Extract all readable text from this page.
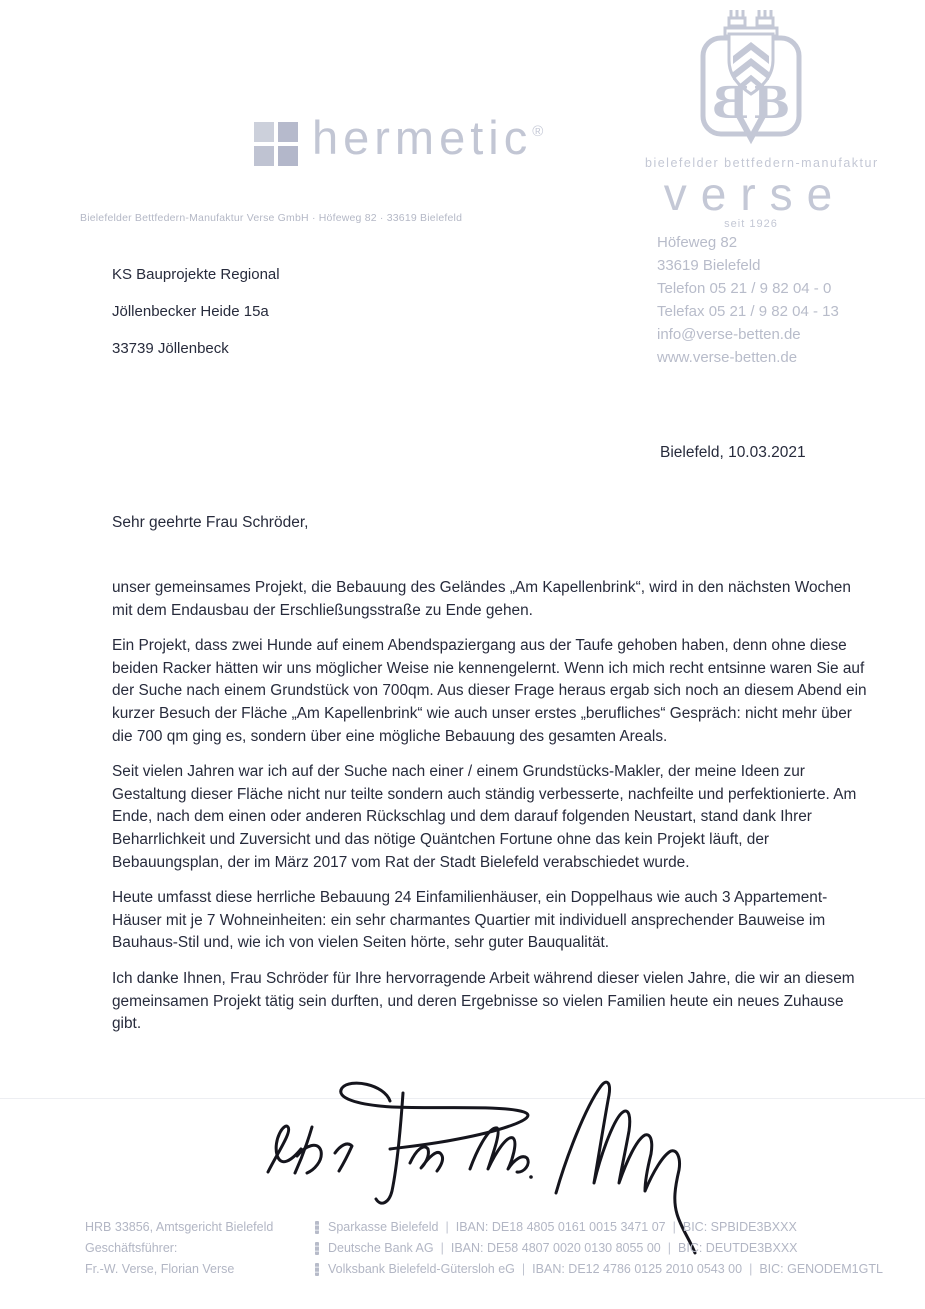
hermetic®
B B
bielefelder bettfedern-manufaktur
verse
seit 1926
Bielefelder Bettfedern-Manufaktur Verse GmbH · Höfeweg 82 · 33619 Bielefeld
KS Bauprojekte Regional
Jöllenbecker Heide 15a
33739 Jöllenbeck
Höfeweg 82
33619 Bielefeld
Telefon 05 21 / 9 82 04 - 0
Telefax 05 21 / 9 82 04 - 13
info@verse-betten.de
www.verse-betten.de
Bielefeld, 10.03.2021
Sehr geehrte Frau Schröder,

unser gemeinsames Projekt, die Bebauung des Geländes „Am Kapellenbrink“, wird in den nächsten Wochen mit dem Endausbau der Erschließungsstraße zu Ende gehen.

Ein Projekt, dass zwei Hunde auf einem Abendspaziergang aus der Taufe gehoben haben, denn ohne diese beiden Racker hätten wir uns möglicher Weise nie kennengelernt. Wenn ich mich recht entsinne waren Sie auf der Suche nach einem Grundstück von 700qm. Aus dieser Frage heraus ergab sich noch an diesem Abend ein kurzer Besuch der Fläche „Am Kapellenbrink“ wie auch unser erstes „berufliches“ Gespräch: nicht mehr über die 700 qm ging es, sondern über eine mögliche Bebauung des gesamten Areals.

Seit vielen Jahren war ich auf der Suche nach einer / einem Grundstücks-Makler, der meine Ideen zur Gestaltung dieser Fläche nicht nur teilte sondern auch ständig verbesserte, nachfeilte und perfektionierte. Am Ende, nach dem einen oder anderen Rückschlag und dem darauf folgenden Neustart, stand dank Ihrer Beharrlichkeit und Zuversicht und das nötige Quäntchen Fortune ohne das kein Projekt läuft, der Bebauungsplan, der im März 2017 vom Rat der Stadt Bielefeld verabschiedet wurde.

Heute umfasst diese herrliche Bebauung 24 Einfamilienhäuser, ein Doppelhaus wie auch 3 Appartement-Häuser mit je 7 Wohneinheiten: ein sehr charmantes Quartier mit individuell ansprechender Bauweise im Bauhaus-Stil und, wie ich von vielen Seiten hörte, sehr guter Bauqualität.

Ich danke Ihnen, Frau Schröder für Ihre hervorragende Arbeit während dieser vielen Jahre, die wir an diesem gemeinsamen Projekt tätig sein durften, und deren Ergebnisse so vielen Familien heute ein neues Zuhause gibt.

HRB 33856, Amtsgericht Bielefeld
Geschäftsführer:
Fr.-W. Verse, Florian Verse
Sparkasse Bielefeld | IBAN: DE18 4805 0161 0015 3471 07 | BIC: SPBIDE3BXXX
Deutsche Bank AG | IBAN: DE58 4807 0020 0130 8055 00 | BIC: DEUTDE3BXXX
Volksbank Bielefeld-Gütersloh eG | IBAN: DE12 4786 0125 2010 0543 00 | BIC: GENODEM1GTL
